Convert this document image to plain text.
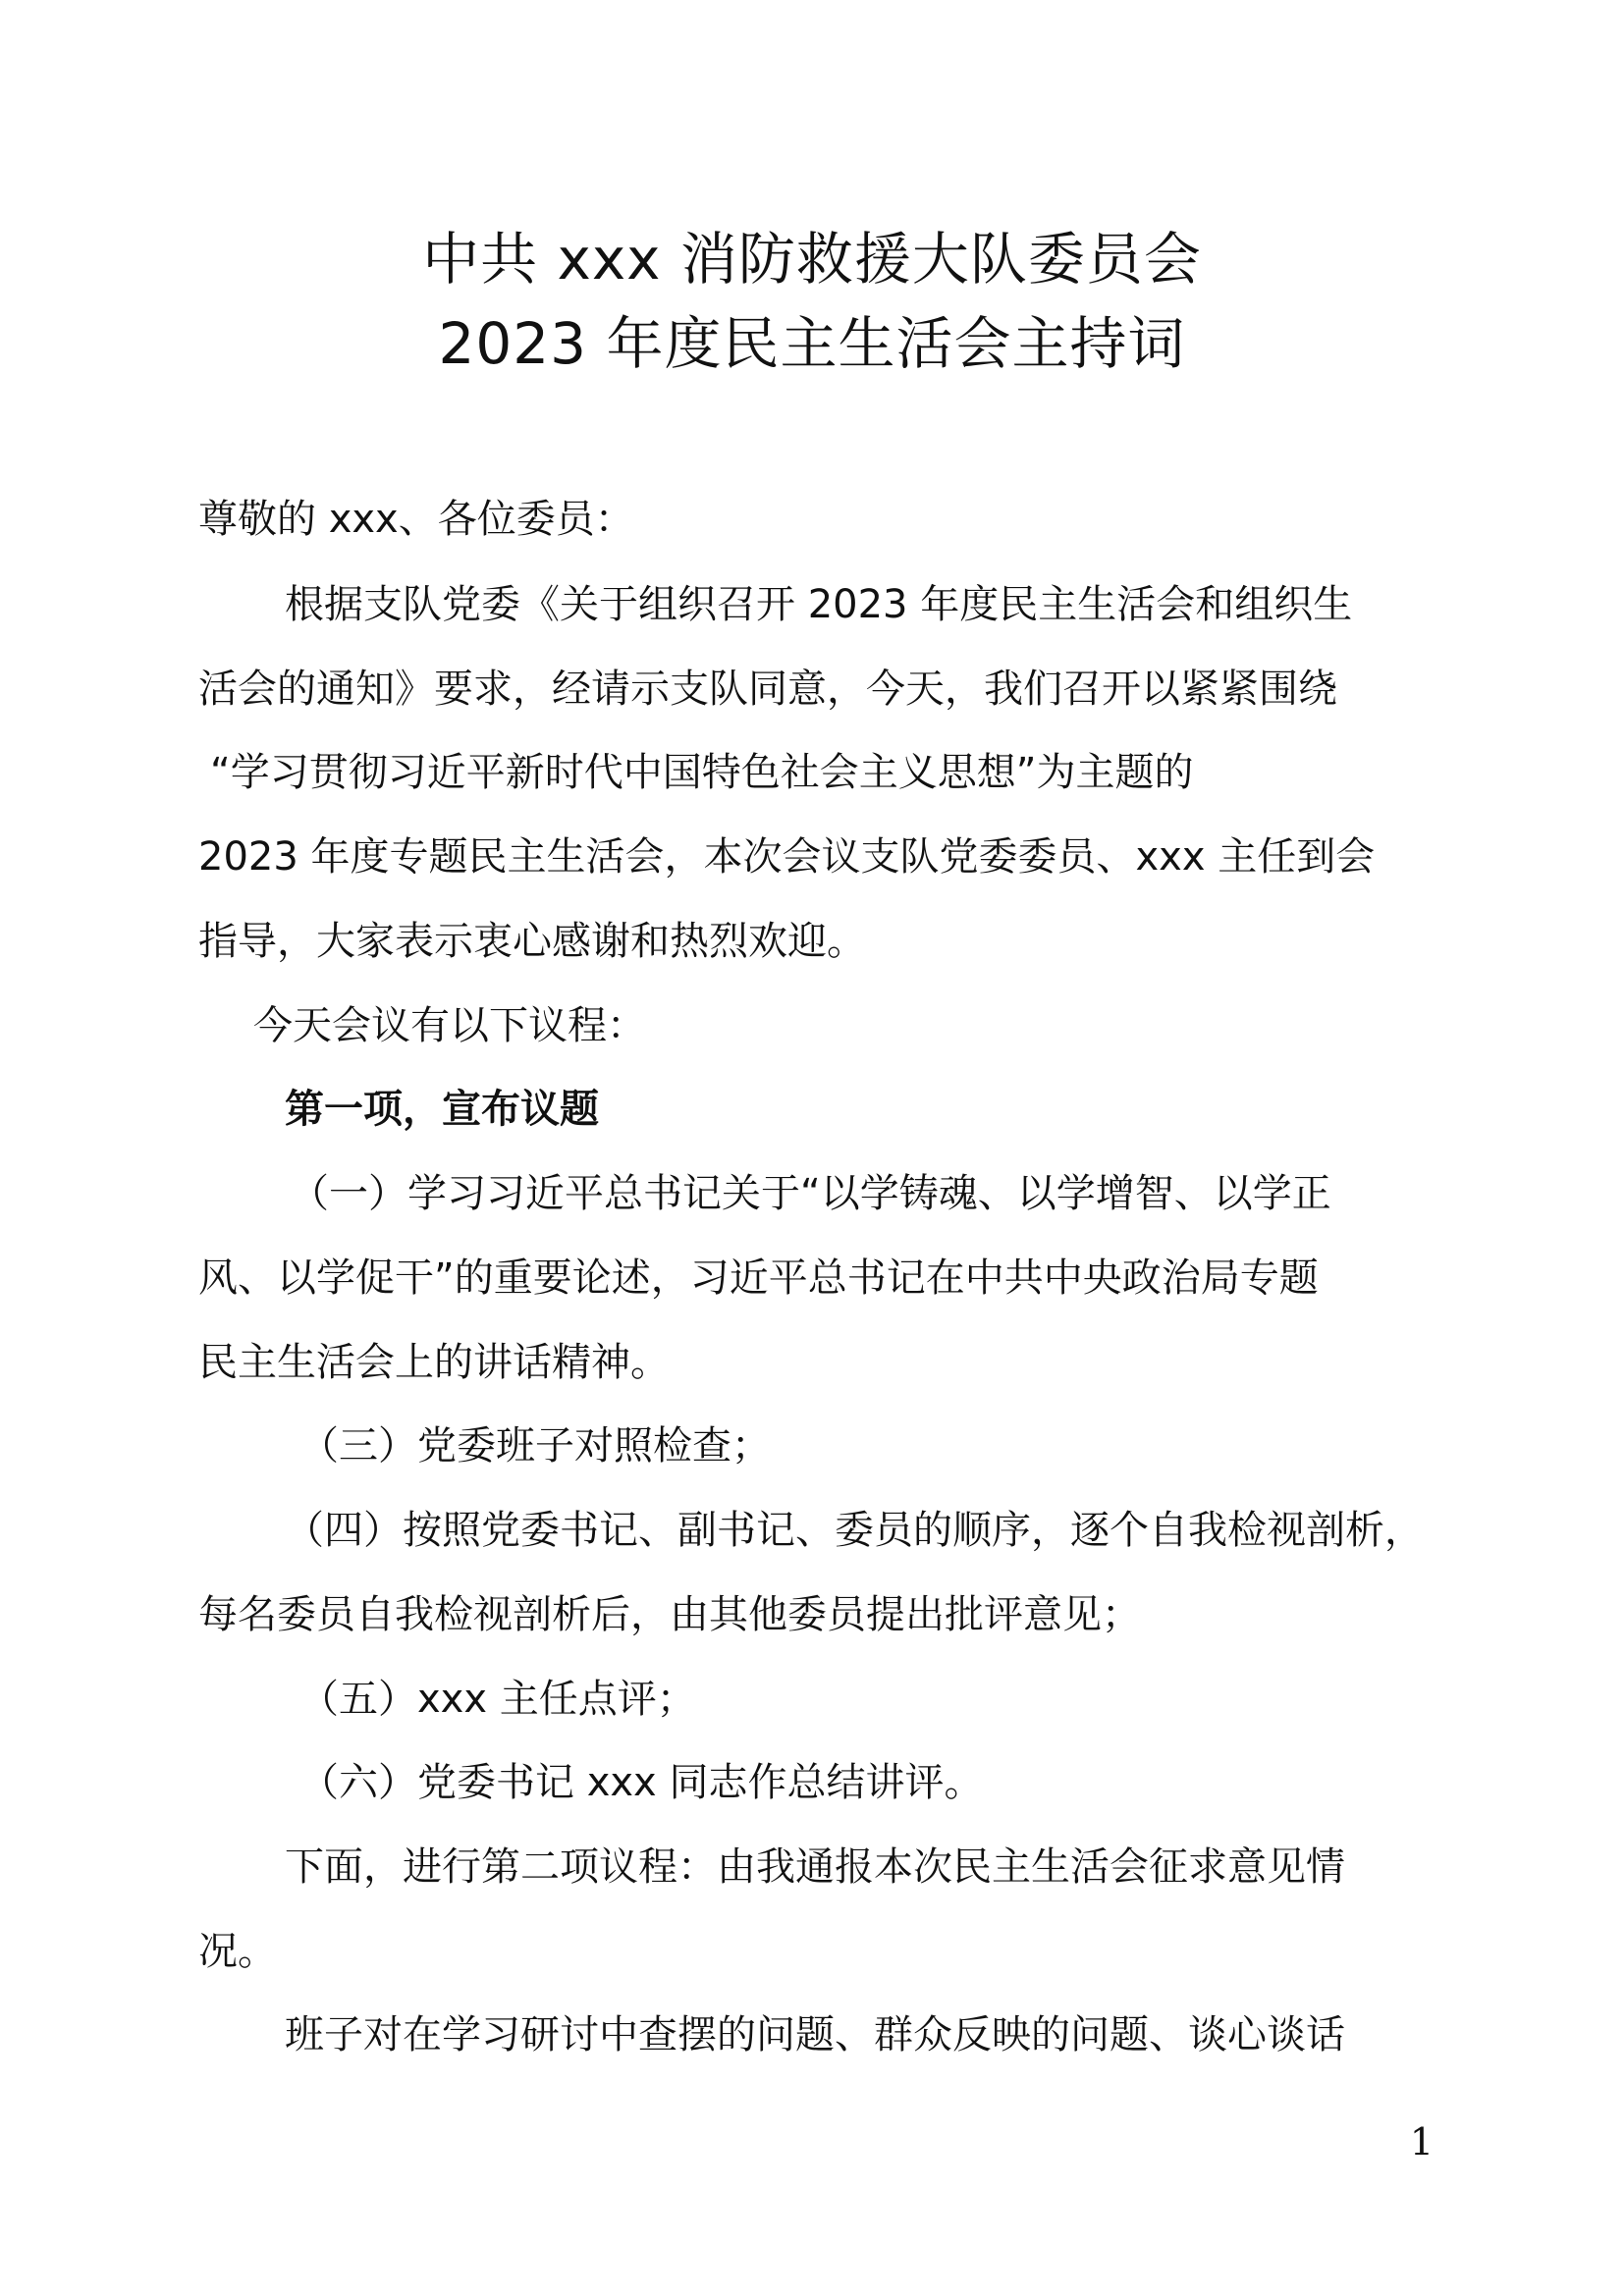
中共 xxx 消防救援大队委员会
2023 年度民主生活会主持词
尊敬的 xxx、各位委员：
根据支队党委《关于组织召开 2023 年度民主生活会和组织生
活会的通知》要求，经请示支队同意，今天，我们召开以紧紧围绕
“学习贯彻习近平新时代中国特色社会主义思想”为主题的
2023 年度专题民主生活会，本次会议支队党委委员、xxx 主任到会
指导，大家表示衷心感谢和热烈欢迎。
今天会议有以下议程：
第一项，宣布议题
（一）学习习近平总书记关于“以学铸魂、以学增智、以学正
风、以学促干”的重要论述，习近平总书记在中共中央政治局专题
民主生活会上的讲话精神。
（三）党委班子对照检查；
（四）按照党委书记、副书记、委员的顺序，逐个自我检视剖析，
每名委员自我检视剖析后，由其他委员提出批评意见；
（五）xxx 主任点评；
（六）党委书记 xxx 同志作总结讲评。
下面，进行第二项议程：由我通报本次民主生活会征求意见情
况。
班子对在学习研讨中查摆的问题、群众反映的问题、谈心谈话
1
